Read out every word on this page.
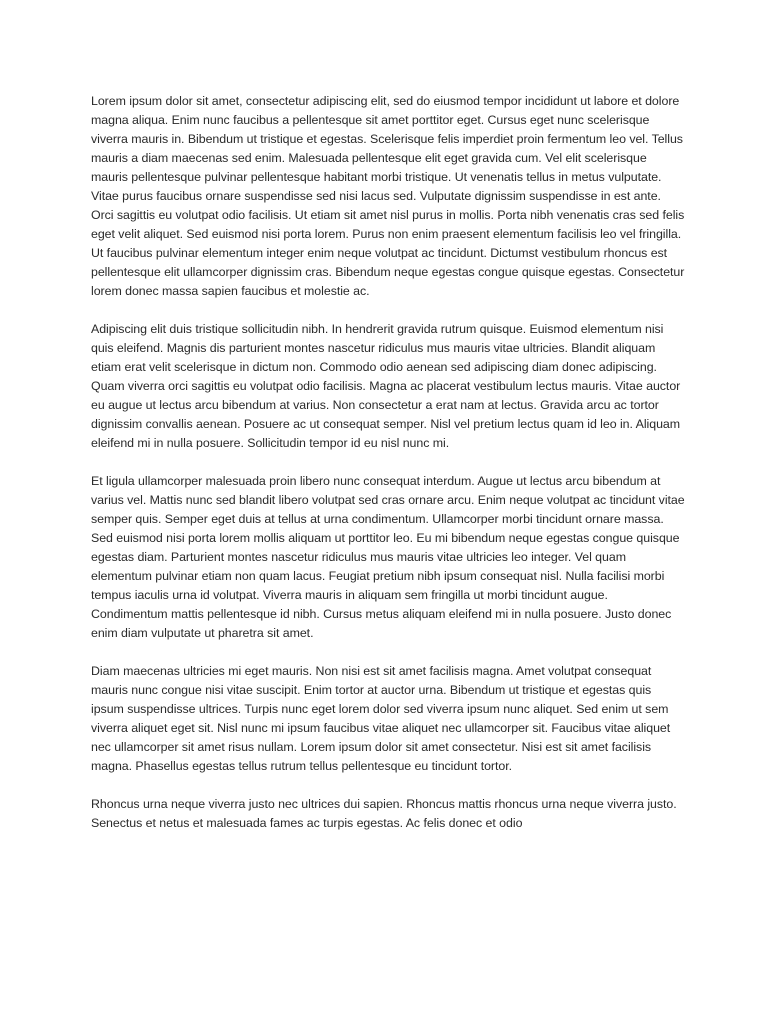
Lorem ipsum dolor sit amet, consectetur adipiscing elit, sed do eiusmod tempor incididunt ut labore et dolore magna aliqua. Enim nunc faucibus a pellentesque sit amet porttitor eget. Cursus eget nunc scelerisque viverra mauris in. Bibendum ut tristique et egestas. Scelerisque felis imperdiet proin fermentum leo vel. Tellus mauris a diam maecenas sed enim. Malesuada pellentesque elit eget gravida cum. Vel elit scelerisque mauris pellentesque pulvinar pellentesque habitant morbi tristique. Ut venenatis tellus in metus vulputate. Vitae purus faucibus ornare suspendisse sed nisi lacus sed. Vulputate dignissim suspendisse in est ante. Orci sagittis eu volutpat odio facilisis. Ut etiam sit amet nisl purus in mollis. Porta nibh venenatis cras sed felis eget velit aliquet. Sed euismod nisi porta lorem. Purus non enim praesent elementum facilisis leo vel fringilla. Ut faucibus pulvinar elementum integer enim neque volutpat ac tincidunt. Dictumst vestibulum rhoncus est pellentesque elit ullamcorper dignissim cras. Bibendum neque egestas congue quisque egestas. Consectetur lorem donec massa sapien faucibus et molestie ac.

Adipiscing elit duis tristique sollicitudin nibh. In hendrerit gravida rutrum quisque. Euismod elementum nisi quis eleifend. Magnis dis parturient montes nascetur ridiculus mus mauris vitae ultricies. Blandit aliquam etiam erat velit scelerisque in dictum non. Commodo odio aenean sed adipiscing diam donec adipiscing. Quam viverra orci sagittis eu volutpat odio facilisis. Magna ac placerat vestibulum lectus mauris. Vitae auctor eu augue ut lectus arcu bibendum at varius. Non consectetur a erat nam at lectus. Gravida arcu ac tortor dignissim convallis aenean. Posuere ac ut consequat semper. Nisl vel pretium lectus quam id leo in. Aliquam eleifend mi in nulla posuere. Sollicitudin tempor id eu nisl nunc mi.

Et ligula ullamcorper malesuada proin libero nunc consequat interdum. Augue ut lectus arcu bibendum at varius vel. Mattis nunc sed blandit libero volutpat sed cras ornare arcu. Enim neque volutpat ac tincidunt vitae semper quis. Semper eget duis at tellus at urna condimentum. Ullamcorper morbi tincidunt ornare massa. Sed euismod nisi porta lorem mollis aliquam ut porttitor leo. Eu mi bibendum neque egestas congue quisque egestas diam. Parturient montes nascetur ridiculus mus mauris vitae ultricies leo integer. Vel quam elementum pulvinar etiam non quam lacus. Feugiat pretium nibh ipsum consequat nisl. Nulla facilisi morbi tempus iaculis urna id volutpat. Viverra mauris in aliquam sem fringilla ut morbi tincidunt augue. Condimentum mattis pellentesque id nibh. Cursus metus aliquam eleifend mi in nulla posuere. Justo donec enim diam vulputate ut pharetra sit amet.

Diam maecenas ultricies mi eget mauris. Non nisi est sit amet facilisis magna. Amet volutpat consequat mauris nunc congue nisi vitae suscipit. Enim tortor at auctor urna. Bibendum ut tristique et egestas quis ipsum suspendisse ultrices. Turpis nunc eget lorem dolor sed viverra ipsum nunc aliquet. Sed enim ut sem viverra aliquet eget sit. Nisl nunc mi ipsum faucibus vitae aliquet nec ullamcorper sit. Faucibus vitae aliquet nec ullamcorper sit amet risus nullam. Lorem ipsum dolor sit amet consectetur. Nisi est sit amet facilisis magna. Phasellus egestas tellus rutrum tellus pellentesque eu tincidunt tortor.

Rhoncus urna neque viverra justo nec ultrices dui sapien. Rhoncus mattis rhoncus urna neque viverra justo. Senectus et netus et malesuada fames ac turpis egestas. Ac felis donec et odio
